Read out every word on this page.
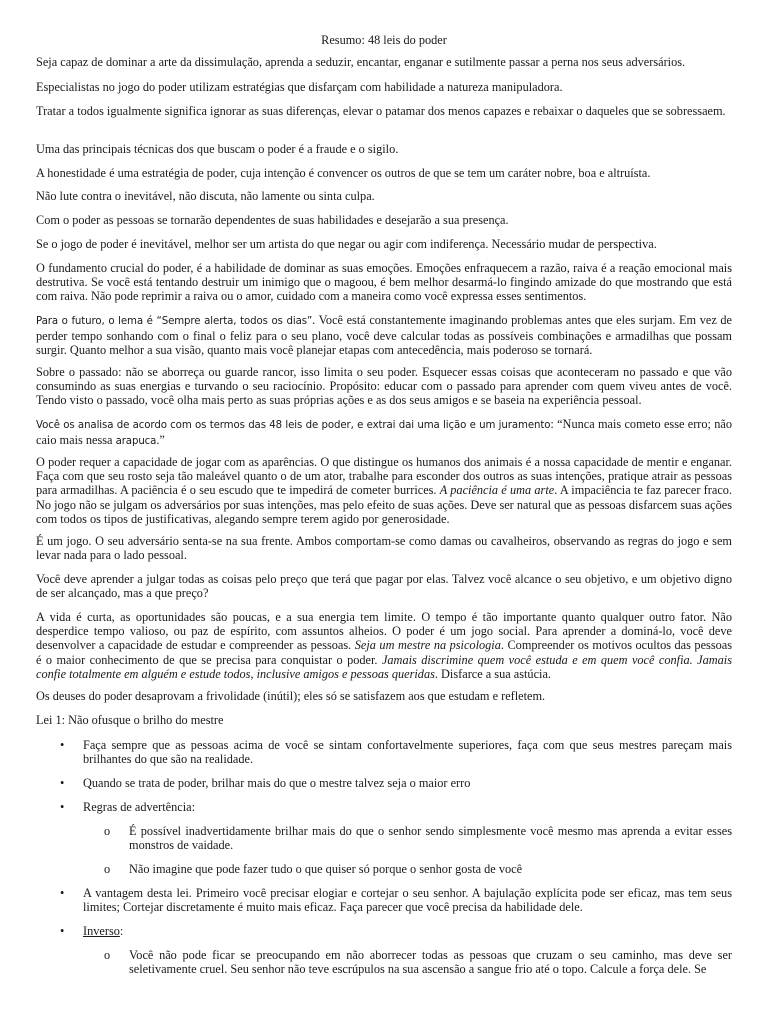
Resumo: 48 leis do poder

Seja capaz de dominar a arte da dissimulação, aprenda a seduzir, encantar, enganar e sutilmente passar a perna nos seus adversários.

Especialistas no jogo do poder utilizam estratégias que disfarçam com habilidade a natureza manipuladora.

Tratar a todos igualmente significa ignorar as suas diferenças, elevar o patamar dos menos capazes e rebaixar o daqueles que se sobressaem.

Uma das principais técnicas dos que buscam o poder é a fraude e o sigilo.

A honestidade é uma estratégia de poder, cuja intenção é convencer os outros de que se tem um caráter nobre, boa e altruísta.

Não lute contra o inevitável, não discuta, não lamente ou sinta culpa.

Com o poder as pessoas se tornarão dependentes de suas habilidades e desejarão a sua presença.

Se o jogo de poder é inevitável, melhor ser um artista do que negar ou agir com indiferença. Necessário mudar de perspectiva.

O fundamento crucial do poder, é a habilidade de dominar as suas emoções. Emoções enfraquecem a razão, raiva é a reação emocional mais destrutiva. Se você está tentando destruir um inimigo que o magoou, é bem melhor desarmá-lo fingindo amizade do que mostrando que está com raiva. Não pode reprimir a raiva ou o amor, cuidado com a maneira como você expressa esses sentimentos.

Para o futuro, o lema é “Sempre alerta, todos os dias”. Você está constantemente imaginando problemas antes que eles surjam. Em vez de perder tempo sonhando com o final o feliz para o seu plano, você deve calcular todas as possíveis combinações e armadilhas que possam surgir. Quanto melhor a sua visão, quanto mais você planejar etapas com antecedência, mais poderoso se tornará.

Sobre o passado: não se aborreça ou guarde rancor, isso limita o seu poder. Esquecer essas coisas que aconteceram no passado e que vão consumindo as suas energias e turvando o seu raciocínio. Propósito: educar com o passado para aprender com quem viveu antes de você. Tendo visto o passado, você olha mais perto as suas próprias ações e as dos seus amigos e se baseia na experiência pessoal.

Você os analisa de acordo com os termos das 48 leis de poder, e extrai dai uma lição e um juramento: “Nunca mais cometo esse erro; não caio mais nessa arapuca.”

O poder requer a capacidade de jogar com as aparências. O que distingue os humanos dos animais é a nossa capacidade de mentir e enganar. Faça com que seu rosto seja tão maleável quanto o de um ator, trabalhe para esconder dos outros as suas intenções, pratique atrair as pessoas para armadilhas. A paciência é o seu escudo que te impedirá de cometer burrices. A paciência é uma arte. A impaciência te faz parecer fraco. No jogo não se julgam os adversários por suas intenções, mas pelo efeito de suas ações. Deve ser natural que as pessoas disfarcem suas ações com todos os tipos de justificativas, alegando sempre terem agido por generosidade.

É um jogo. O seu adversário senta-se na sua frente. Ambos comportam-se como damas ou cavalheiros, observando as regras do jogo e sem levar nada para o lado pessoal.

Você deve aprender a julgar todas as coisas pelo preço que terá que pagar por elas. Talvez você alcance o seu objetivo, e um objetivo digno de ser alcançado, mas a que preço?

A vida é curta, as oportunidades são poucas, e a sua energia tem limite. O tempo é tão importante quanto qualquer outro fator. Não desperdice tempo valioso, ou paz de espírito, com assuntos alheios. O poder é um jogo social. Para aprender a dominá-lo, você deve desenvolver a capacidade de estudar e compreender as pessoas. Seja um mestre na psicologia. Compreender os motivos ocultos das pessoas é o maior conhecimento de que se precisa para conquistar o poder. Jamais discrimine quem você estuda e em quem você confia. Jamais confie totalmente em alguém e estude todos, inclusive amigos e pessoas queridas. Disfarce a sua astúcia.

Os deuses do poder desaprovam a frivolidade (inútil); eles só se satisfazem aos que estudam e refletem.

Lei 1: Não ofusque o brilho do mestre

• Faça sempre que as pessoas acima de você se sintam confortavelmente superiores, faça com que seus mestres pareçam mais brilhantes do que são na realidade.

• Quando se trata de poder, brilhar mais do que o mestre talvez seja o maior erro

• Regras de advertência:

o É possível inadvertidamente brilhar mais do que o senhor sendo simplesmente você mesmo mas aprenda a evitar esses monstros de vaidade.

o Não imagine que pode fazer tudo o que quiser só porque o senhor gosta de você

• A vantagem desta lei. Primeiro você precisar elogiar e cortejar o seu senhor. A bajulação explícita pode ser eficaz, mas tem seus limites; Cortejar discretamente é muito mais eficaz. Faça parecer que você precisa da habilidade dele.

• Inverso:

o Você não pode ficar se preocupando em não aborrecer todas as pessoas que cruzam o seu caminho, mas deve ser seletivamente cruel. Seu senhor não teve escrúpulos na sua ascensão a sangue frio até o topo. Calcule a força dele. Se
